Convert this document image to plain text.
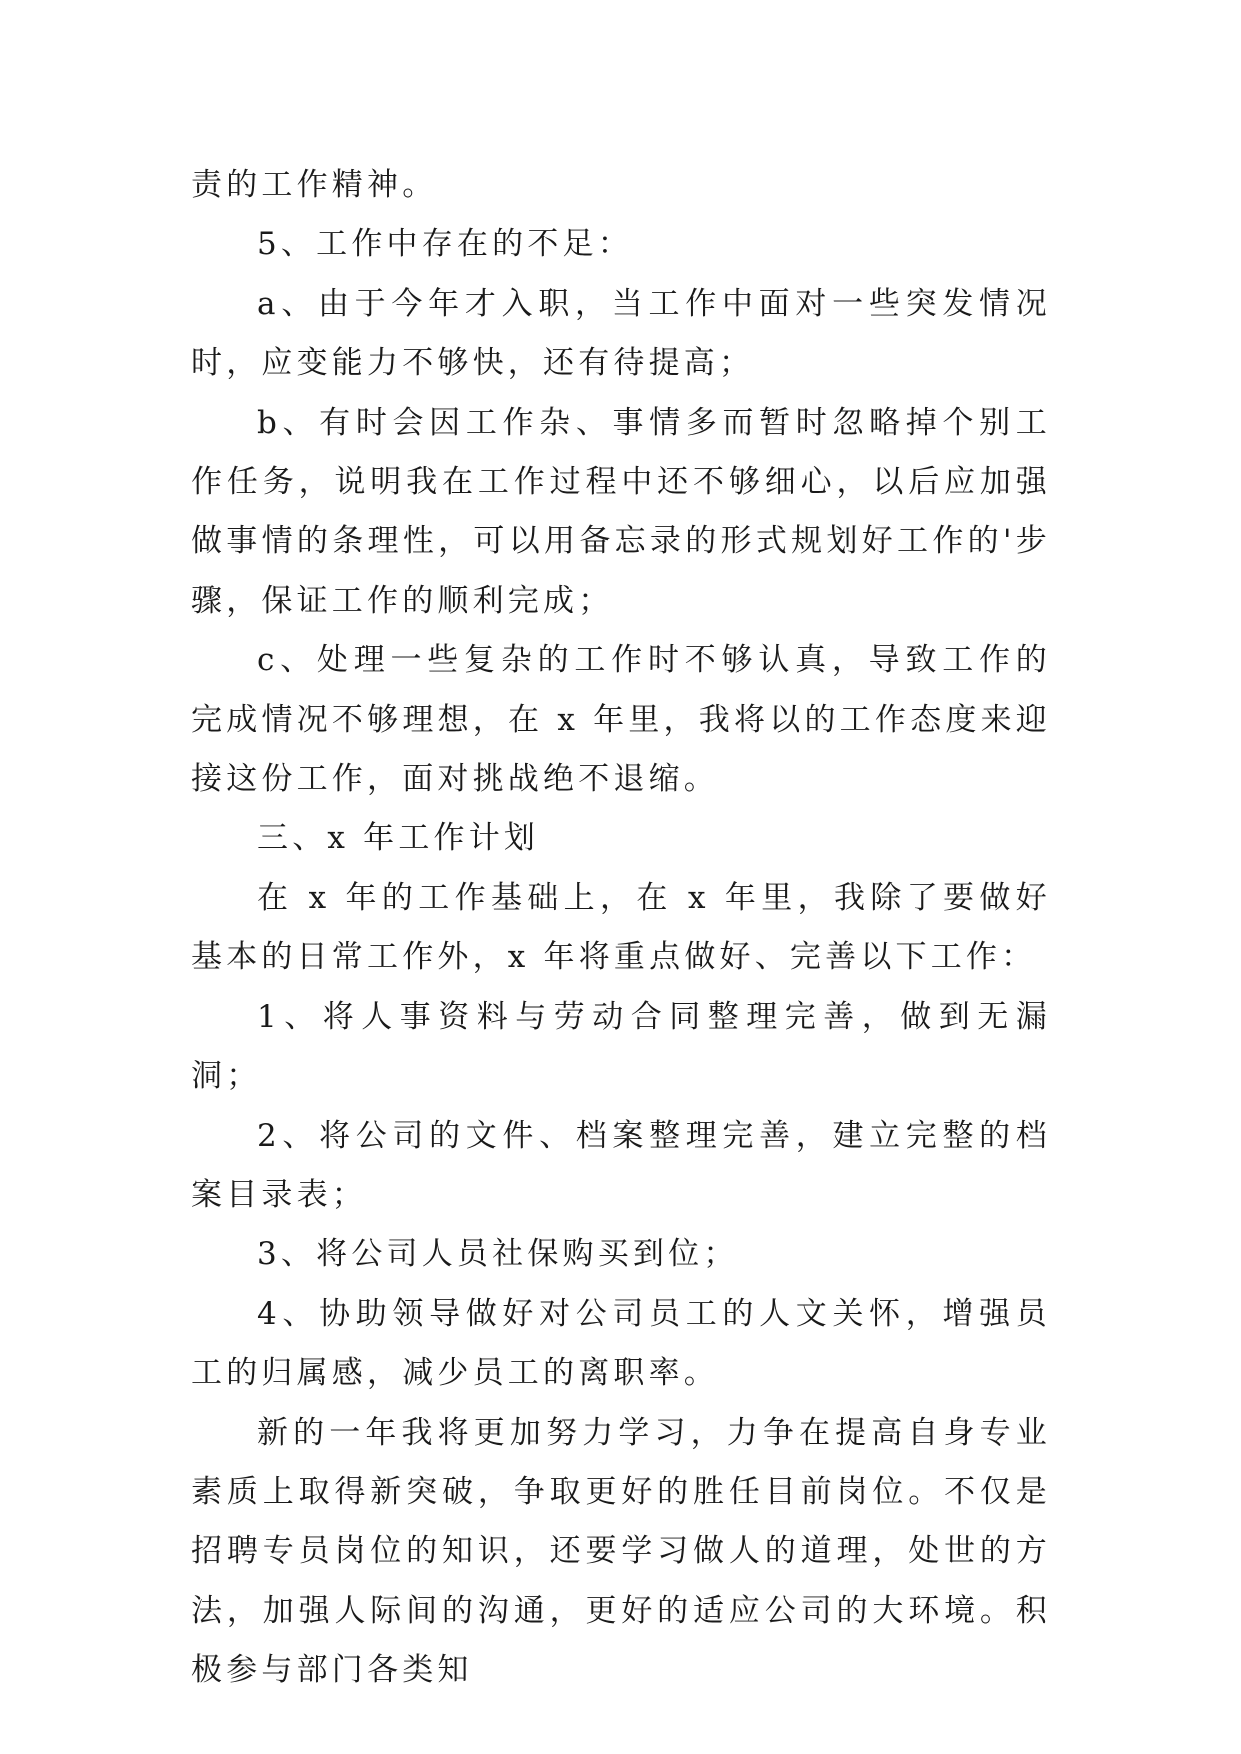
责的工作精神。

5、工作中存在的不足：

a、由于今年才入职，当工作中面对一些突发情况时，应变能力不够快，还有待提高；

b、有时会因工作杂、事情多而暂时忽略掉个别工作任务，说明我在工作过程中还不够细心，以后应加强做事情的条理性，可以用备忘录的形式规划好工作的'步骤，保证工作的顺利完成；

c、处理一些复杂的工作时不够认真，导致工作的完成情况不够理想，在 x 年里，我将以的工作态度来迎接这份工作，面对挑战绝不退缩。

三、x 年工作计划

在 x 年的工作基础上，在 x 年里，我除了要做好基本的日常工作外，x 年将重点做好、完善以下工作：

1、将人事资料与劳动合同整理完善，做到无漏洞；

2、将公司的文件、档案整理完善，建立完整的档案目录表；

3、将公司人员社保购买到位；

4、协助领导做好对公司员工的人文关怀，增强员工的归属感，减少员工的离职率。

新的一年我将更加努力学习，力争在提高自身专业素质上取得新突破，争取更好的胜任目前岗位。不仅是招聘专员岗位的知识，还要学习做人的道理，处世的方法，加强人际间的沟通，更好的适应公司的大环境。积极参与部门各类知
